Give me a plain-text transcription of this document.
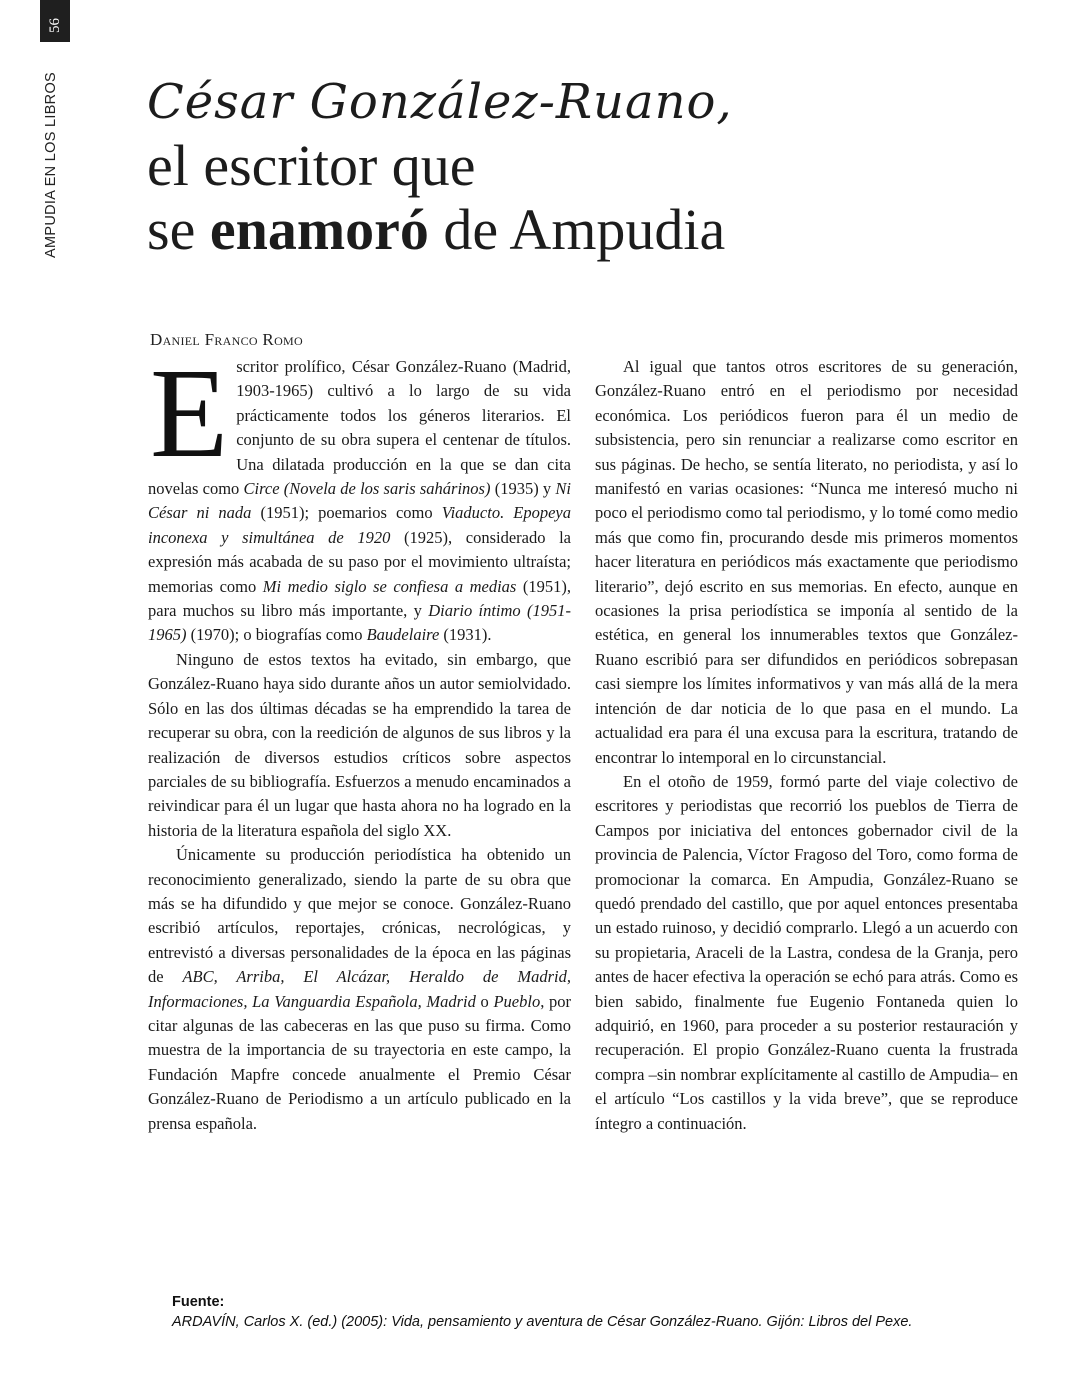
56
AMPUDIA EN LOS LIBROS César González-Ruano,
el escritor que
se enamoró de Ampudia
Daniel Franco Romo

Escritor prolífico, César González-Ruano (Madrid, 1903-1965) cultivó a lo largo de su vida prácticamente todos los géneros literarios. El conjunto de su obra supera el centenar de títulos. Una dilatada producción en la que se dan cita novelas como Circe (Novela de los saris sahárinos) (1935) y Ni César ni nada (1951); poemarios como Viaducto. Epopeya inconexa y simultánea de 1920 (1925), considerado la expresión más acabada de su paso por el movimiento ultraísta; memorias como Mi medio siglo se confiesa a medias (1951), para muchos su libro más importante, y Diario íntimo (1951-1965) (1970); o biografías como Baudelaire (1931).

Ninguno de estos textos ha evitado, sin embargo, que González-Ruano haya sido durante años un autor semiolvidado. Sólo en las dos últimas décadas se ha emprendido la tarea de recuperar su obra, con la reedición de algunos de sus libros y la realización de diversos estudios críticos sobre aspectos parciales de su bibliografía. Esfuerzos a menudo encaminados a reivindicar para él un lugar que hasta ahora no ha logrado en la historia de la literatura española del siglo XX.

Únicamente su producción periodística ha obtenido un reconocimiento generalizado, siendo la parte de su obra que más se ha difundido y que mejor se conoce. González-Ruano escribió artículos, reportajes, crónicas, necrológicas, y entrevistó a diversas personalidades de la época en las páginas de ABC, Arriba, El Alcázar, Heraldo de Madrid, Informaciones, La Vanguardia Española, Madrid o Pueblo, por citar algunas de las cabeceras en las que puso su firma. Como muestra de la importancia de su trayectoria en este campo, la Fundación Mapfre concede anualmente el Premio César González-Ruano de Periodismo a un artículo publicado en la prensa española.

Al igual que tantos otros escritores de su generación, González-Ruano entró en el periodismo por necesidad económica. Los periódicos fueron para él un medio de subsistencia, pero sin renunciar a realizarse como escritor en sus páginas. De hecho, se sentía literato, no periodista, y así lo manifestó en varias ocasiones: “Nunca me interesó mucho ni poco el periodismo como tal periodismo, y lo tomé como medio más que como fin, procurando desde mis primeros momentos hacer literatura en periódicos más exactamente que periodismo literario”, dejó escrito en sus memorias. En efecto, aunque en ocasiones la prisa periodística se imponía al sentido de la estética, en general los innumerables textos que González-Ruano escribió para ser difundidos en periódicos sobrepasan casi siempre los límites informativos y van más allá de la mera intención de dar noticia de lo que pasa en el mundo. La actualidad era para él una excusa para la escritura, tratando de encontrar lo intemporal en lo circunstancial.

En el otoño de 1959, formó parte del viaje colectivo de escritores y periodistas que recorrió los pueblos de Tierra de Campos por iniciativa del entonces gobernador civil de la provincia de Palencia, Víctor Fragoso del Toro, como forma de promocionar la comarca. En Ampudia, González-Ruano se quedó prendado del castillo, que por aquel entonces presentaba un estado ruinoso, y decidió comprarlo. Llegó a un acuerdo con su propietaria, Araceli de la Lastra, condesa de la Granja, pero antes de hacer efectiva la operación se echó para atrás. Como es bien sabido, finalmente fue Eugenio Fontaneda quien lo adquirió, en 1960, para proceder a su posterior restauración y recuperación. El propio González-Ruano cuenta la frustrada compra –sin nombrar explícitamente al castillo de Ampudia– en el artículo “Los castillos y la vida breve”, que se reproduce íntegro a continuación.

Fuente:
ARDAVÍN, Carlos X. (ed.) (2005): Vida, pensamiento y aventura de César González-Ruano. Gijón: Libros del Pexe.
